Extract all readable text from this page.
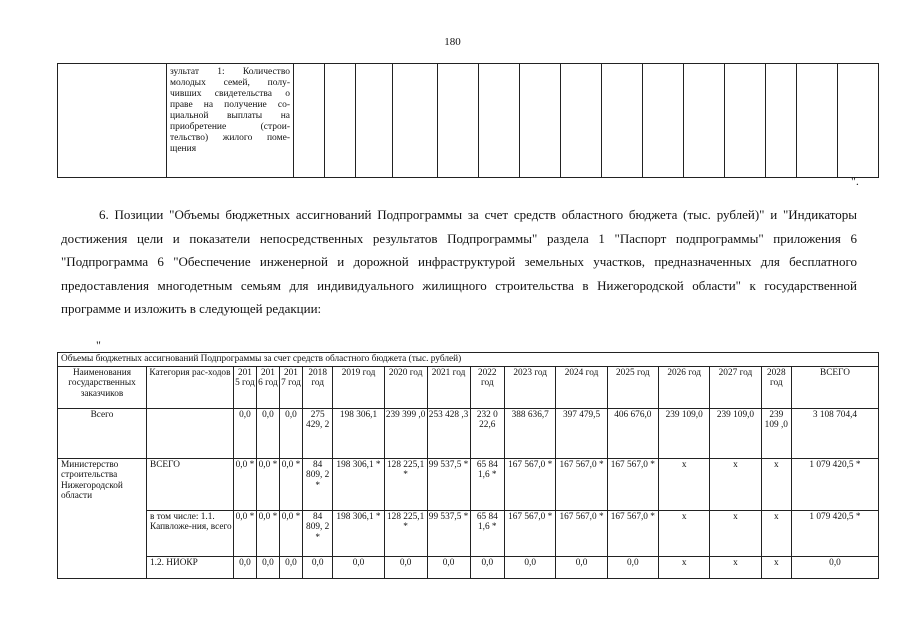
180
	зультат 1: Количество молодых семей, полу-чивших свидетельства о праве на получение со-циальной выплаты на приобретение (строи-тельство) жилого поме-щения															
".
6. Позиции "Объемы бюджетных ассигнований Подпрограммы за счет средств областного бюджета (тыс. рублей)" и "Индикаторы достижения цели и показатели непосредственных результатов Подпрограммы" раздела 1 "Паспорт подпрограммы" приложения 6 "Подпрограмма 6 "Обеспечение инженерной и дорожной инфраструктурой земельных участков, предназначенных для бесплатного предоставления многодетным семьям для индивидуального жилищного строительства в Нижегородской области" к государственной программе и изложить в следующей редакции:
"
Объемы бюджетных ассигнований Подпрограммы за счет средств областного бюджета (тыс. рублей)																
Наименования государственных заказчиков	Категория рас-ходов	201 5 год	201 6 год	201 7 год	2018 год	2019 год	2020 год	2021 год	2022 год	2023 год	2024 год	2025 год	2026 год	2027 год	2028 год	ВСЕГО
Всего		0,0	0,0	0,0	275 429, 2	198 306,1	239 399 ,0	253 428 ,3	232 0 22,6	388 636,7	397 479,5	406 676,0	239 109,0	239 109,0	239 109 ,0	3 108 704,4
Министерство строительства Нижегородской области	ВСЕГО	0,0 *	0,0 *	0,0 *	84 809, 2 *	198 306,1 *	128 225,1 *	99 537,5 *	65 84 1,6 *	167 567,0 *	167 567,0 *	167 567,0 *	x	x	x	1 079 420,5 *
	в том числе: 1.1. Капвложе-ния, всего	0,0 *	0,0 *	0,0 *	84 809, 2 *	198 306,1 *	128 225,1 *	99 537,5 *	65 84 1,6 *	167 567,0 *	167 567,0 *	167 567,0 *	x	x	x	1 079 420,5 *
	1.2. НИОКР	0,0	0,0	0,0	0,0	0,0	0,0	0,0	0,0	0,0	0,0	0,0	x	x	x	0,0
